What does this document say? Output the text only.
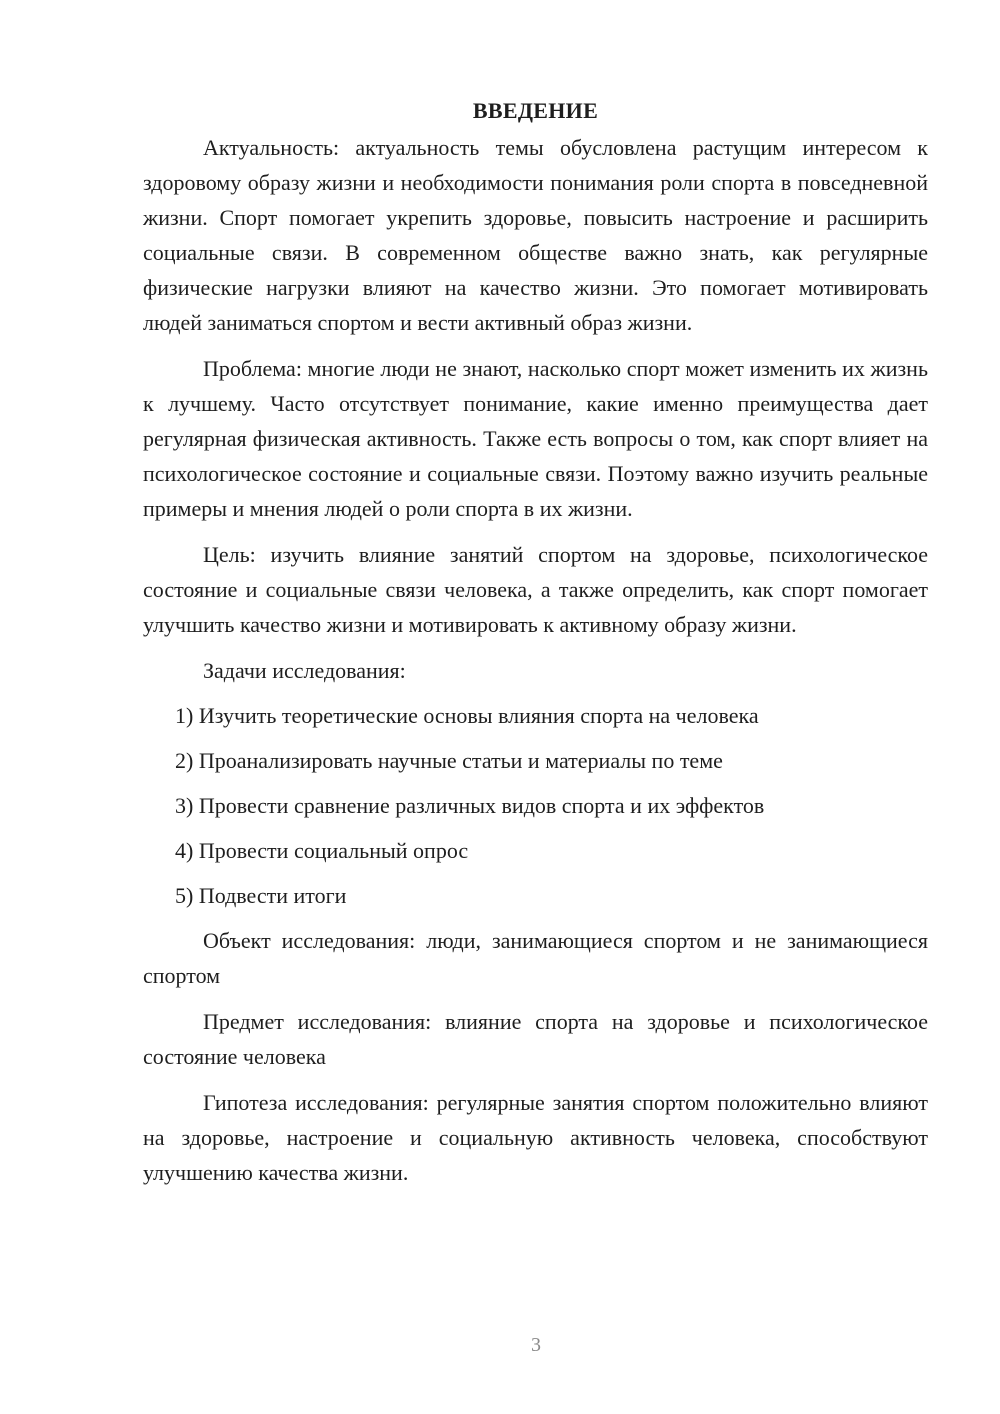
ВВЕДЕНИЕ

Актуальность: актуальность темы обусловлена растущим интересом к здоровому образу жизни и необходимости понимания роли спорта в повседневной жизни. Спорт помогает укрепить здоровье, повысить настроение и расширить социальные связи. В современном обществе важно знать, как регулярные физические нагрузки влияют на качество жизни. Это помогает мотивировать людей заниматься спортом и вести активный образ жизни.

Проблема: многие люди не знают, насколько спорт может изменить их жизнь к лучшему. Часто отсутствует понимание, какие именно преимущества дает регулярная физическая активность. Также есть вопросы о том, как спорт влияет на психологическое состояние и социальные связи. Поэтому важно изучить реальные примеры и мнения людей о роли спорта в их жизни.

Цель: изучить влияние занятий спортом на здоровье, психологическое состояние и социальные связи человека, а также определить, как спорт помогает улучшить качество жизни и мотивировать к активному образу жизни.

Задачи исследования:

1) Изучить теоретические основы влияния спорта на человека
2) Проанализировать научные статьи и материалы по теме
3) Провести сравнение различных видов спорта и их эффектов
4) Провести социальный опрос
5) Подвести итоги

Объект исследования: люди, занимающиеся спортом и не занимающиеся спортом

Предмет исследования: влияние спорта на здоровье и психологическое состояние человека

Гипотеза исследования: регулярные занятия спортом положительно влияют на здоровье, настроение и социальную активность человека, способствуют улучшению качества жизни.

3
